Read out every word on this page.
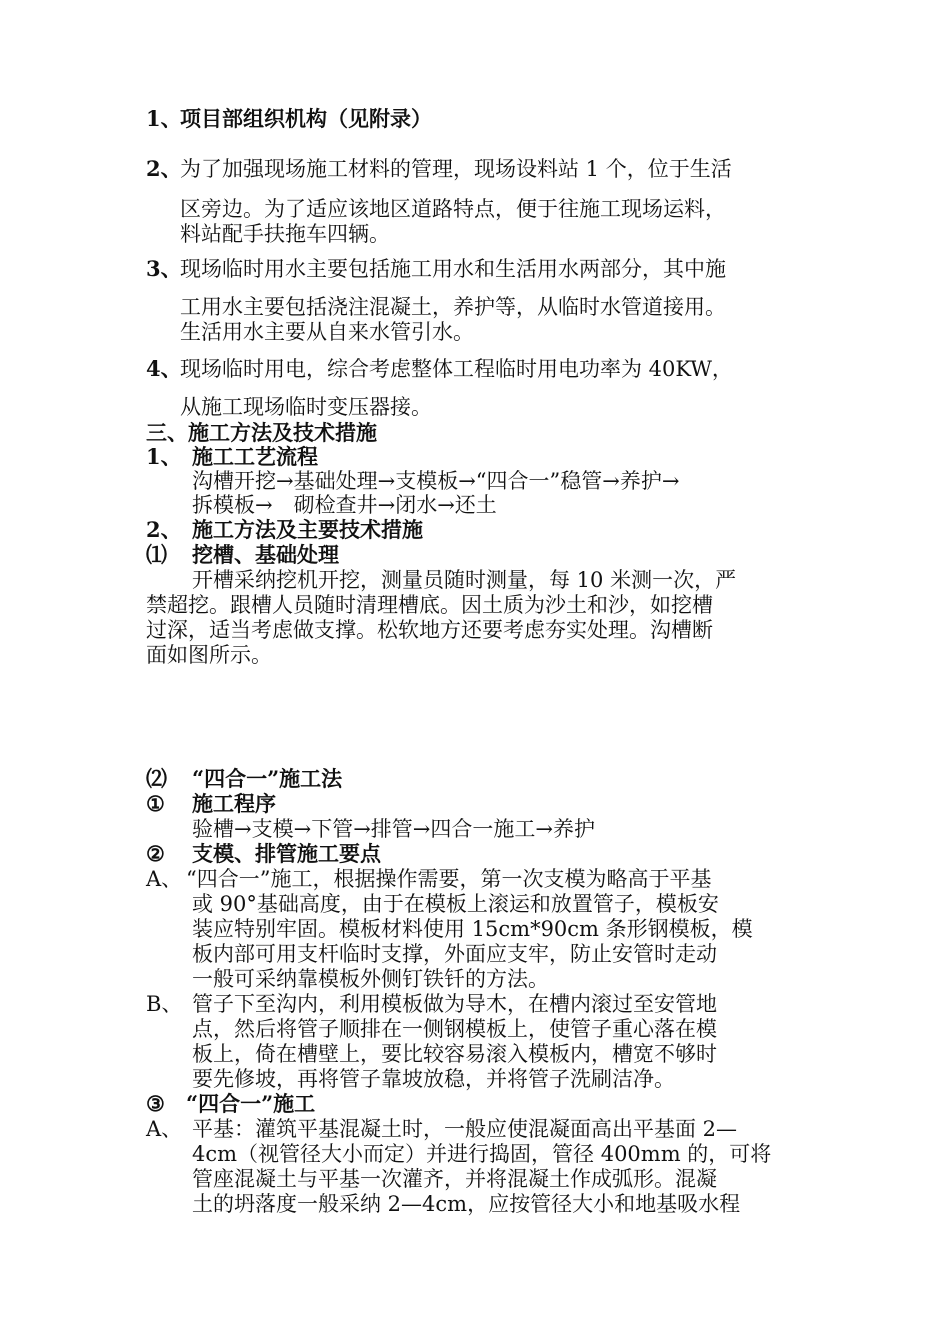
1、
项目部组织机构（见附录）
2、
为了加强现场施工材料的管理，现场设料站 1 个，位于生活
区旁边。为了适应该地区道路特点，便于往施工现场运料，
料站配手扶拖车四辆。
3、
现场临时用水主要包括施工用水和生活用水两部分，其中施
工用水主要包括浇注混凝土，养护等，从临时水管道接用。
生活用水主要从自来水管引水。
4、
现场临时用电，综合考虑整体工程临时用电功率为 40KW，
从施工现场临时变压器接。
三、施工方法及技术措施
1、 施工工艺流程
沟槽开挖→基础处理→支模板→“四合一”稳管→养护→
拆模板→　砌检查井→闭水→还土
2、 施工方法及主要技术措施
⑴ 挖槽、基础处理
开槽采纳挖机开挖，测量员随时测量，每 10 米测一次，严
禁超挖。跟槽人员随时清理槽底。因土质为沙土和沙，如挖槽
过深，适当考虑做支撑。松软地方还要考虑夯实处理。沟槽断
面如图所示。
⑵ “四合一”施工法
① 施工程序
验槽→支模→下管→排管→四合一施工→养护
② 支模、排管施工要点
A、 “四合一”施工，根据操作需要，第一次支模为略高于平基
或 90°基础高度，由于在模板上滚运和放置管子，模板安
装应特别牢固。模板材料使用 15cm*90cm 条形钢模板，模
板内部可用支杆临时支撑，外面应支牢，防止安管时走动
一般可采纳靠模板外侧钉铁钎的方法。
B、 管子下至沟内，利用模板做为导木，在槽内滚过至安管地
点，然后将管子顺排在一侧钢模板上，使管子重心落在模
板上，倚在槽壁上，要比较容易滚入模板内，槽宽不够时
要先修坡，再将管子靠坡放稳，并将管子洗刷洁净。
③ “四合一”施工
A、 平基：灌筑平基混凝土时，一般应使混凝面高出平基面 2—
4cm（视管径大小而定）并进行捣固，管径 400mm 的，可将
管座混凝土与平基一次灌齐，并将混凝土作成弧形。混凝
土的坍落度一般采纳 2—4cm，应按管径大小和地基吸水程
